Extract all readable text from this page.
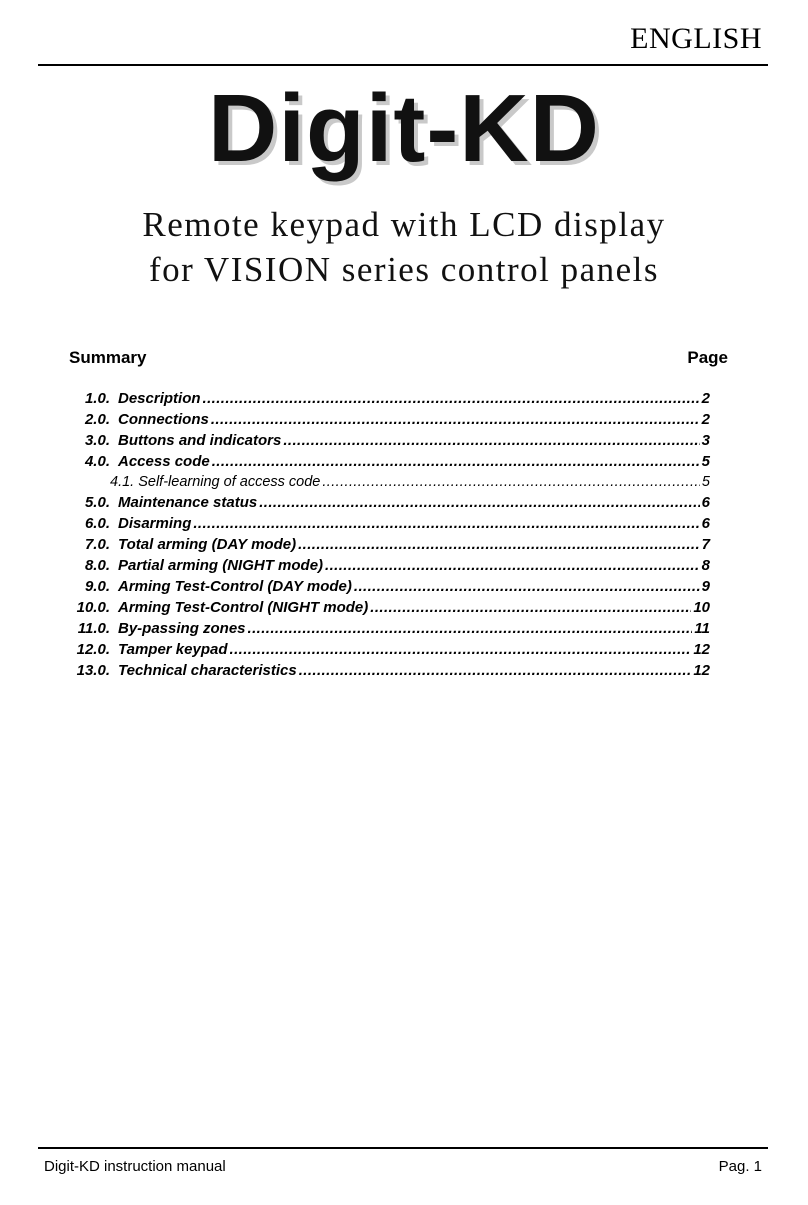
ENGLISH
Digit-KD
Remote keypad with LCD display
for VISION series control panels
Summary	Page
1.0. Description .....	2
2.0. Connections .....	2
3.0. Buttons and indicators .....	3
4.0. Access code .....	5
4.1. Self-learning of access code .....	5
5.0. Maintenance status .....	6
6.0. Disarming .....	6
7.0. Total arming (DAY mode) .....	7
8.0. Partial arming (NIGHT mode) .....	8
9.0. Arming Test-Control (DAY mode) .....	9
10.0. Arming Test-Control (NIGHT mode) .....	10
11.0. By-passing zones .....	11
12.0. Tamper keypad .....	12
13.0. Technical characteristics .....	12
Digit-KD instruction manual	Pag. 1
